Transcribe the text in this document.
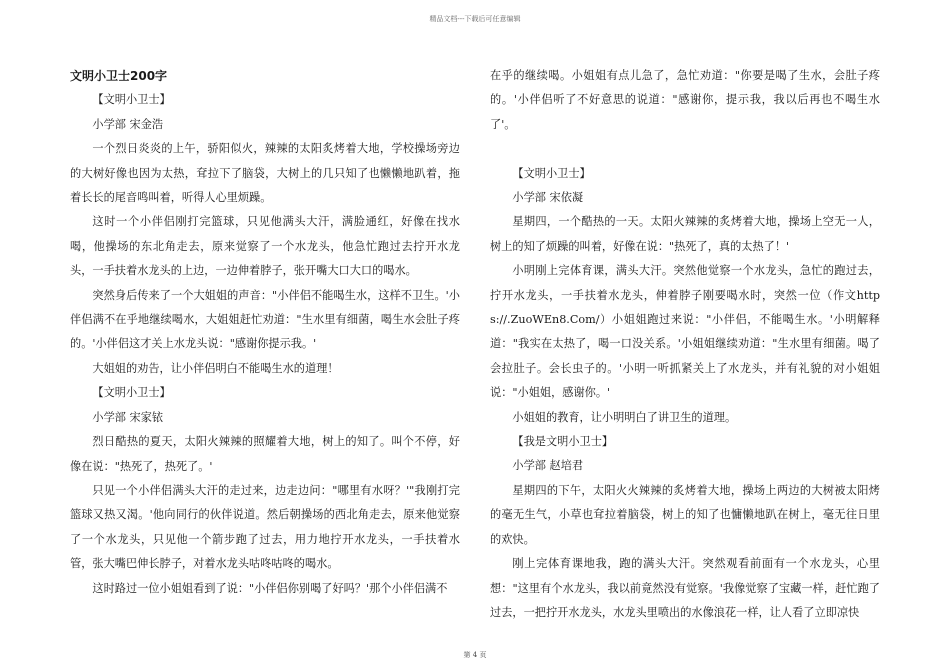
精品文档---下载后可任意编辑

文明小卫士200字

【文明小卫士】

小学部 宋金浩

一个烈日炎炎的上午，骄阳似火，辣辣的太阳炙烤着大地，学校操场旁边的大树好像也因为太热，耷拉下了脑袋，大树上的几只知了也懒懒地趴着，拖着长长的尾音鸣叫着，听得人心里烦躁。

这时一个小伴侣刚打完篮球，只见他满头大汗，满脸通红，好像在找水喝，他操场的东北角走去，原来觉察了一个水龙头，他急忙跑过去拧开水龙头，一手扶着水龙头的上边，一边伸着脖子，张开嘴大口大口的喝水。

突然身后传来了一个大姐姐的声音："小伴侣不能喝生水，这样不卫生。'小伴侣满不在乎地继续喝水，大姐姐赶忙劝道："生水里有细菌，喝生水会肚子疼的。'小伴侣这才关上水龙头说："感谢你提示我。'

大姐姐的劝告，让小伴侣明白不能喝生水的道理！

【文明小卫士】

小学部 宋家铱

烈日酷热的夏天，太阳火辣辣的照耀着大地，树上的知了。叫个不停，好像在说："热死了，热死了。'

只见一个小伴侣满头大汗的走过来，边走边问："哪里有水呀？'"我刚打完篮球又热又渴。'他向同行的伙伴说道。然后朝操场的西北角走去，原来他觉察了一个水龙头，只见他一个箭步跑了过去，用力地拧开水龙头，一手扶着水管，张大嘴巴伸长脖子，对着水龙头咕咚咕咚的喝水。

这时路过一位小姐姐看到了说："小伴侣你别喝了好吗？'那个小伴侣满不

在乎的继续喝。小姐姐有点儿急了，急忙劝道："你要是喝了生水，会肚子疼的。'小伴侣听了不好意思的说道："感谢你，提示我，我以后再也不喝生水了'。

【文明小卫士】

小学部 宋依凝

星期四，一个酷热的一天。太阳火辣辣的炙烤着大地，操场上空无一人，树上的知了烦躁的叫着，好像在说："热死了，真的太热了！'

小明刚上完体育课，满头大汗。突然他觉察一个水龙头，急忙的跑过去，拧开水龙头，一手扶着水龙头，伸着脖子刚要喝水时，突然一位（作文https://.ZuoWEn8.Com/）小姐姐跑过来说："小伴侣，不能喝生水。'小明解释道："我实在太热了，喝一口没关系。'小姐姐继续劝道："生水里有细菌。喝了会拉肚子。会长虫子的。'小明一听抓紧关上了水龙头，并有礼貌的对小姐姐说："小姐姐，感谢你。'

小姐姐的教育，让小明明白了讲卫生的道理。

【我是文明小卫士】

小学部 赵培君

星期四的下午，太阳火火辣辣的炙烤着大地，操场上两边的大树被太阳烤的毫无生气，小草也耷拉着脑袋，树上的知了也慵懒地趴在树上，毫无往日里的欢快。

刚上完体育课地我，跑的满头大汗。突然观看前面有一个水龙头，心里想："这里有个水龙头，我以前竟然没有觉察。'我像觉察了宝藏一样，赶忙跑了过去，一把拧开水龙头，水龙头里喷出的水像浪花一样，让人看了立即凉快

第 4 页
